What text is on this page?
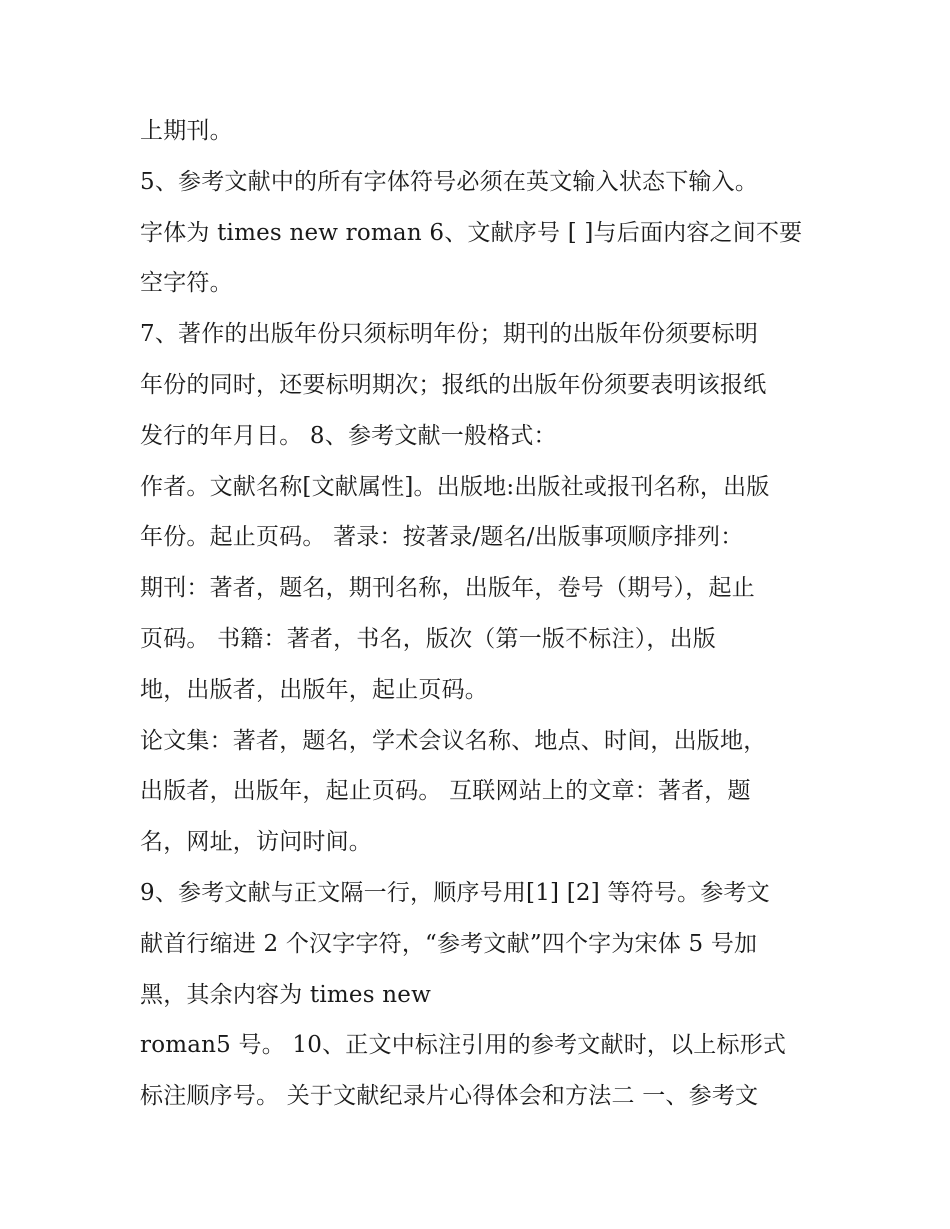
上期刊。
5、参考文献中的所有字体符号必须在英文输入状态下输入。
字体为 times new roman 6、文献序号 [ ]与后面内容之间不要
空字符。
7、著作的出版年份只须标明年份；期刊的出版年份须要标明
年份的同时，还要标明期次；报纸的出版年份须要表明该报纸
发行的年月日。 8、参考文献一般格式：
作者。文献名称[文献属性]。出版地:出版社或报刊名称，出版
年份。起止页码。 著录：按著录/题名/出版事项顺序排列：
期刊：著者，题名，期刊名称，出版年，卷号（期号），起止
页码。 书籍：著者，书名，版次（第一版不标注），出版
地，出版者，出版年，起止页码。
论文集：著者，题名，学术会议名称、地点、时间，出版地，
出版者，出版年，起止页码。 互联网站上的文章：著者，题
名，网址，访问时间。
9、参考文献与正文隔一行，顺序号用[1] [2] 等符号。参考文
献首行缩进 2 个汉字字符，“参考文献”四个字为宋体 5 号加
黑，其余内容为 times new
roman5 号。 10、正文中标注引用的参考文献时，以上标形式
标注顺序号。 关于文献纪录片心得体会和方法二 一、参考文
